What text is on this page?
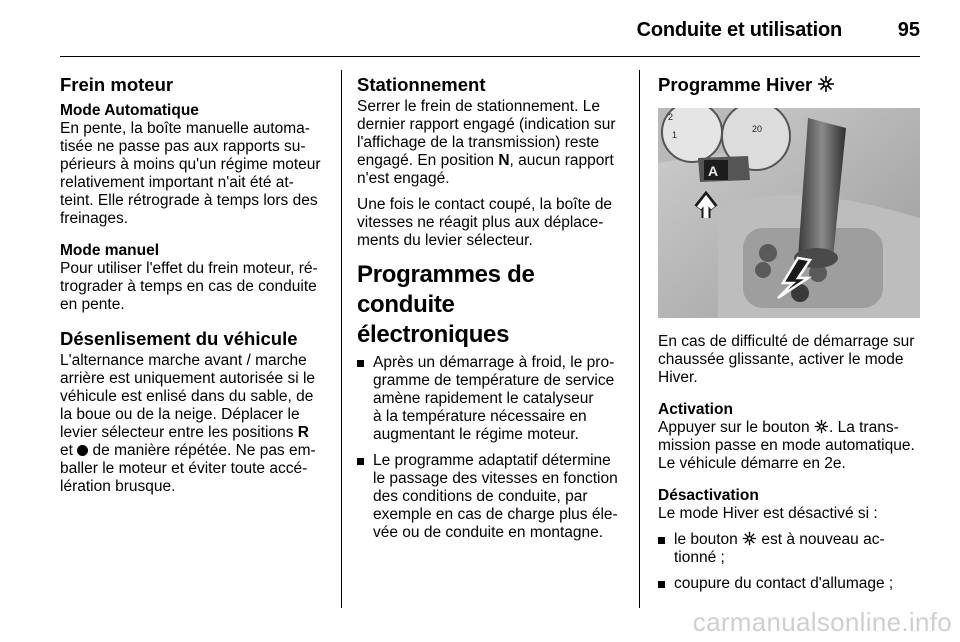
Conduite et utilisation	95
Frein moteur
Mode Automatique

En pente, la boîte manuelle automa-
tisée ne passe pas aux rapports su-
périeurs à moins qu'un régime moteur
relativement important n'ait été at-
teint. Elle rétrograde à temps lors des
freinages.

Mode manuel

Pour utiliser l'effet du frein moteur, ré-
trograder à temps en cas de conduite
en pente.

Désenlisement du véhicule

L'alternance marche avant / marche
arrière est uniquement autorisée si le
véhicule est enlisé dans du sable, de
la boue ou de la neige. Déplacer le
levier sélecteur entre les positions R
et  de manière répétée. Ne pas em-
baller le moteur et éviter toute accé-
lération brusque.

Stationnement

Serrer le frein de stationnement. Le
dernier rapport engagé (indication sur
l'affichage de la transmission) reste
engagé. En position N, aucun rapport
n'est engagé.

Une fois le contact coupé, la boîte de
vitesses ne réagit plus aux déplace-
ments du levier sélecteur.

Programmes de conduite
électroniques
Après un démarrage à froid, le pro-
gramme de température de service
amène rapidement le catalyseur
à la température nécessaire en
augmentant le régime moteur.
Le programme adaptatif détermine
le passage des vitesses en fonction
des conditions de conduite, par
exemple en cas de charge plus éle-
vée ou de conduite en montagne.
Programme Hiver
2
1
20
A

En cas de difficulté de démarrage sur
chaussée glissante, activer le mode
Hiver.

Activation

Appuyer sur le bouton . La trans-
mission passe en mode automatique.
Le véhicule démarre en 2e.

Désactivation

Le mode Hiver est désactivé si :

le bouton  est à nouveau ac-
tionné ;
coupure du contact d'allumage ;
carmanualsonline.info
